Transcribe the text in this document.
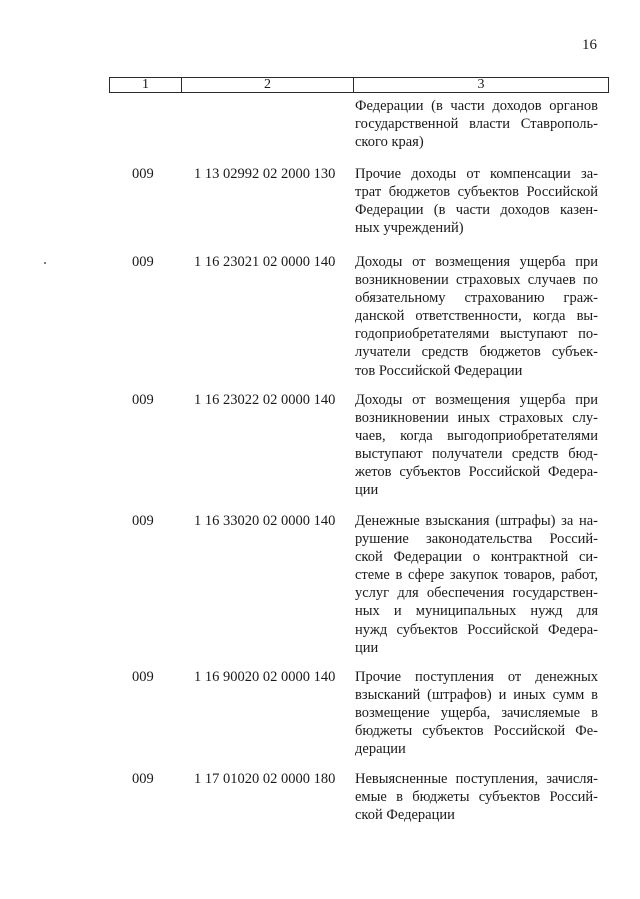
16
1	2	3
Федерации (в части доходов органов
государственной власти Ставрополь-
ского края)
009	1 13 02992 02 2000 130 Прочие доходы от компенсации за-
трат бюджетов субъектов Российской
Федерации (в части доходов казен-
ных учреждений)
009	1 16 23021 02 0000 140 Доходы от возмещения ущерба при
возникновении страховых случаев по
обязательному страхованию граж-
данской ответственности, когда вы-
годоприобретателями выступают по-
лучатели средств бюджетов субъек-
тов Российской Федерации
009	1 16 23022 02 0000 140 Доходы от возмещения ущерба при
возникновении иных страховых слу-
чаев, когда выгодоприобретателями
выступают получатели средств бюд-
жетов субъектов Российской Федера-
ции
009	1 16 33020 02 0000 140 Денежные взыскания (штрафы) за на-
рушение законодательства Россий-
ской Федерации о контрактной си-
стеме в сфере закупок товаров, работ,
услуг для обеспечения государствен-
ных и муниципальных нужд для
нужд субъектов Российской Федера-
ции
009	1 16 90020 02 0000 140 Прочие поступления от денежных
взысканий (штрафов) и иных сумм в
возмещение ущерба, зачисляемые в
бюджеты субъектов Российской Фе-
дерации
009	1 17 01020 02 0000 180 Невыясненные поступления, зачисля-
емые в бюджеты субъектов Россий-
ской Федерации
